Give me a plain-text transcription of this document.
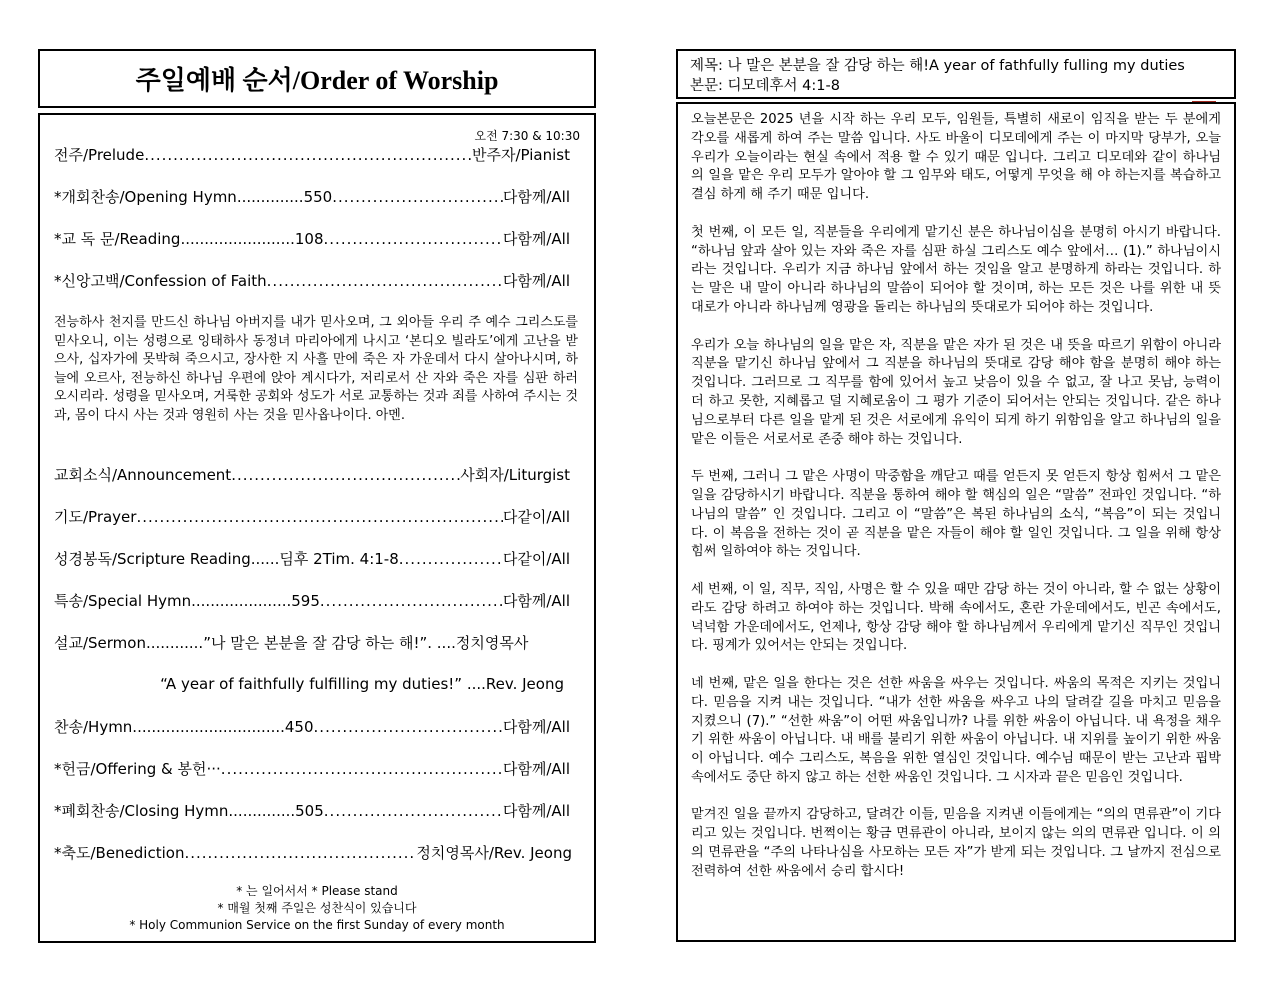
주일예배 순서/Order of Worship
오전 7:30 & 10:30
전주/Prelude .....	반주자/Pianist
*개회찬송/Opening Hymn..............550 .....	다함께/All
*교 독 문/Reading........................108 .....	다함께/All
*신앙고백/Confession of Faith .....	다함께/All
전능하사 천지를 만드신 하나님 아버지를 내가 믿사오며, 그 외아들 우리 주 예수 그리스도를 믿사오니, 이는 성령으로 잉태하사 동정녀 마리아에게 나시고 ‘본디오 빌라도’에게 고난을 받으사, 십자가에 못박혀 죽으시고, 장사한 지 사흘 만에 죽은 자 가운데서 다시 살아나시며, 하늘에 오르사, 전능하신 하나님 우편에 앉아 계시다가, 저리로서 산 자와 죽은 자를 심판 하러 오시리라. 성령을 믿사오며, 거룩한 공회와 성도가 서로 교통하는 것과 죄를 사하여 주시는 것과, 몸이 다시 사는 것과 영원히 사는 것을 믿사옵나이다. 아멘.
교회소식/Announcement .....	사회자/Liturgist
기도/Prayer .....	다같이/All
성경봉독/Scripture Reading......딤후 2Tim. 4:1-8 .....	다같이/All
특송/Special Hymn.....................595 .....	다함께/All
설교/Sermon............”나 말은 본분을 잘 감당 하는 해!”. ....정치영목사
“A year of faithfully fulfilling my duties!” ....Rev. Jeong
찬송/Hymn................................450 .....	다함께/All
*헌금/Offering & 봉헌··· .....	다함께/All
*폐회찬송/Closing Hymn..............505 .....	다함께/All
*축도/Benediction .....	정치영목사/Rev. Jeong
* 는 일어서서 * Please stand
* 매월 첫째 주일은 성찬식이 있습니다
* Holy Communion Service on the first Sunday of every month
제목: 나 말은 본분을 잘 감당 하는 해!A year of fathfully fulling my duties
본문: 디모데후서 4:1-8

오늘본문은 2025 년을 시작 하는 우리 모두, 임원들, 특별히 새로이 임직을 받는 두 분에게 각오를 새롭게 하여 주는 말씀 입니다. 사도 바울이 디모데에게 주는 이 마지막 당부가, 오늘 우리가 오늘이라는 현실 속에서 적용 할 수 있기 때문 입니다. 그리고 디모데와 같이 하나님의 일을 맡은 우리 모두가 알아야 할 그 임무와 태도, 어떻게 무엇을 해 야 하는지를 복습하고 결심 하게 해 주기 때문 입니다.

첫 번째, 이 모든 일, 직분들을 우리에게 맡기신 분은 하나님이심을 분명히 아시기 바랍니다. “하나님 앞과 살아 있는 자와 죽은 자를 심판 하실 그리스도 예수 앞에서… (1).” 하나님이시라는 것입니다. 우리가 지금 하나님 앞에서 하는 것임을 알고 분명하게 하라는 것입니다. 하는 말은 내 말이 아니라 하나님의 말씀이 되어야 할 것이며, 하는 모든 것은 나를 위한 내 뜻 대로가 아니라 하나님께 영광을 돌리는 하나님의 뜻대로가 되어야 하는 것입니다.

우리가 오늘 하나님의 일을 맡은 자, 직분을 맡은 자가 된 것은 내 뜻을 따르기 위함이 아니라 직분을 맡기신 하나님 앞에서 그 직분을 하나님의 뜻대로 감당 해야 함을 분명히 해야 하는 것입니다. 그러므로 그 직무를 함에 있어서 높고 낮음이 있을 수 없고, 잘 나고 못남, 능력이 더 하고 못한, 지혜롭고 덜 지혜로움이 그 평가 기준이 되어서는 안되는 것입니다. 같은 하나님으로부터 다른 일을 맡게 된 것은 서로에게 유익이 되게 하기 위함임을 알고 하나님의 일을 맡은 이들은 서로서로 존중 해야 하는 것입니다.

두 번째, 그러니 그 맡은 사명이 막중함을 깨닫고 때를 얻든지 못 얻든지 항상 힘써서 그 맡은 일을 감당하시기 바랍니다. 직분을 통하여 해야 할 핵심의 일은 “말씀” 전파인 것입니다. “하나님의 말씀” 인 것입니다. 그리고 이 “말씀”은 복된 하나님의 소식, “복음”이 되는 것입니다. 이 복음을 전하는 것이 곧 직분을 맡은 자들이 해야 할 일인 것입니다. 그 일을 위해 항상 힘써 일하여야 하는 것입니다.

세 번째, 이 일, 직무, 직임, 사명은 할 수 있을 때만 감당 하는 것이 아니라, 할 수 없는 상황이라도 감당 하려고 하여야 하는 것입니다. 박해 속에서도, 혼란 가운데에서도, 빈곤 속에서도, 넉넉함 가운데에서도, 언제나, 항상 감당 해야 할 하나님께서 우리에게 맡기신 직무인 것입니다. 핑계가 있어서는 안되는 것입니다.

네 번째, 맡은 일을 한다는 것은 선한 싸움을 싸우는 것입니다. 싸움의 목적은 지키는 것입니다. 믿음을 지켜 내는 것입니다. “내가 선한 싸움을 싸우고 나의 달려갈 길을 마치고 믿음을 지켰으니 (7).” “선한 싸움”이 어떤 싸움입니까? 나를 위한 싸움이 아닙니다. 내 욕정을 채우기 위한 싸움이 아닙니다. 내 배를 불리기 위한 싸움이 아닙니다. 내 지위를 높이기 위한 싸움이 아닙니다. 예수 그리스도, 복음을 위한 열심인 것입니다. 예수님 때문이 받는 고난과 핍박 속에서도 중단 하지 않고 하는 선한 싸움인 것입니다. 그 시자과 끝은 믿음인 것입니다.

맡겨진 일을 끝까지 감당하고, 달려간 이들, 믿음을 지켜낸 이들에게는 “의의 면류관”이 기다리고 있는 것입니다. 번쩍이는 황금 면류관이 아니라, 보이지 않는 의의 면류관 입니다. 이 의의 면류관을 “주의 나타나심을 사모하는 모든 자”가 받게 되는 것입니다. 그 날까지 전심으로 전력하여 선한 싸움에서 승리 합시다!
